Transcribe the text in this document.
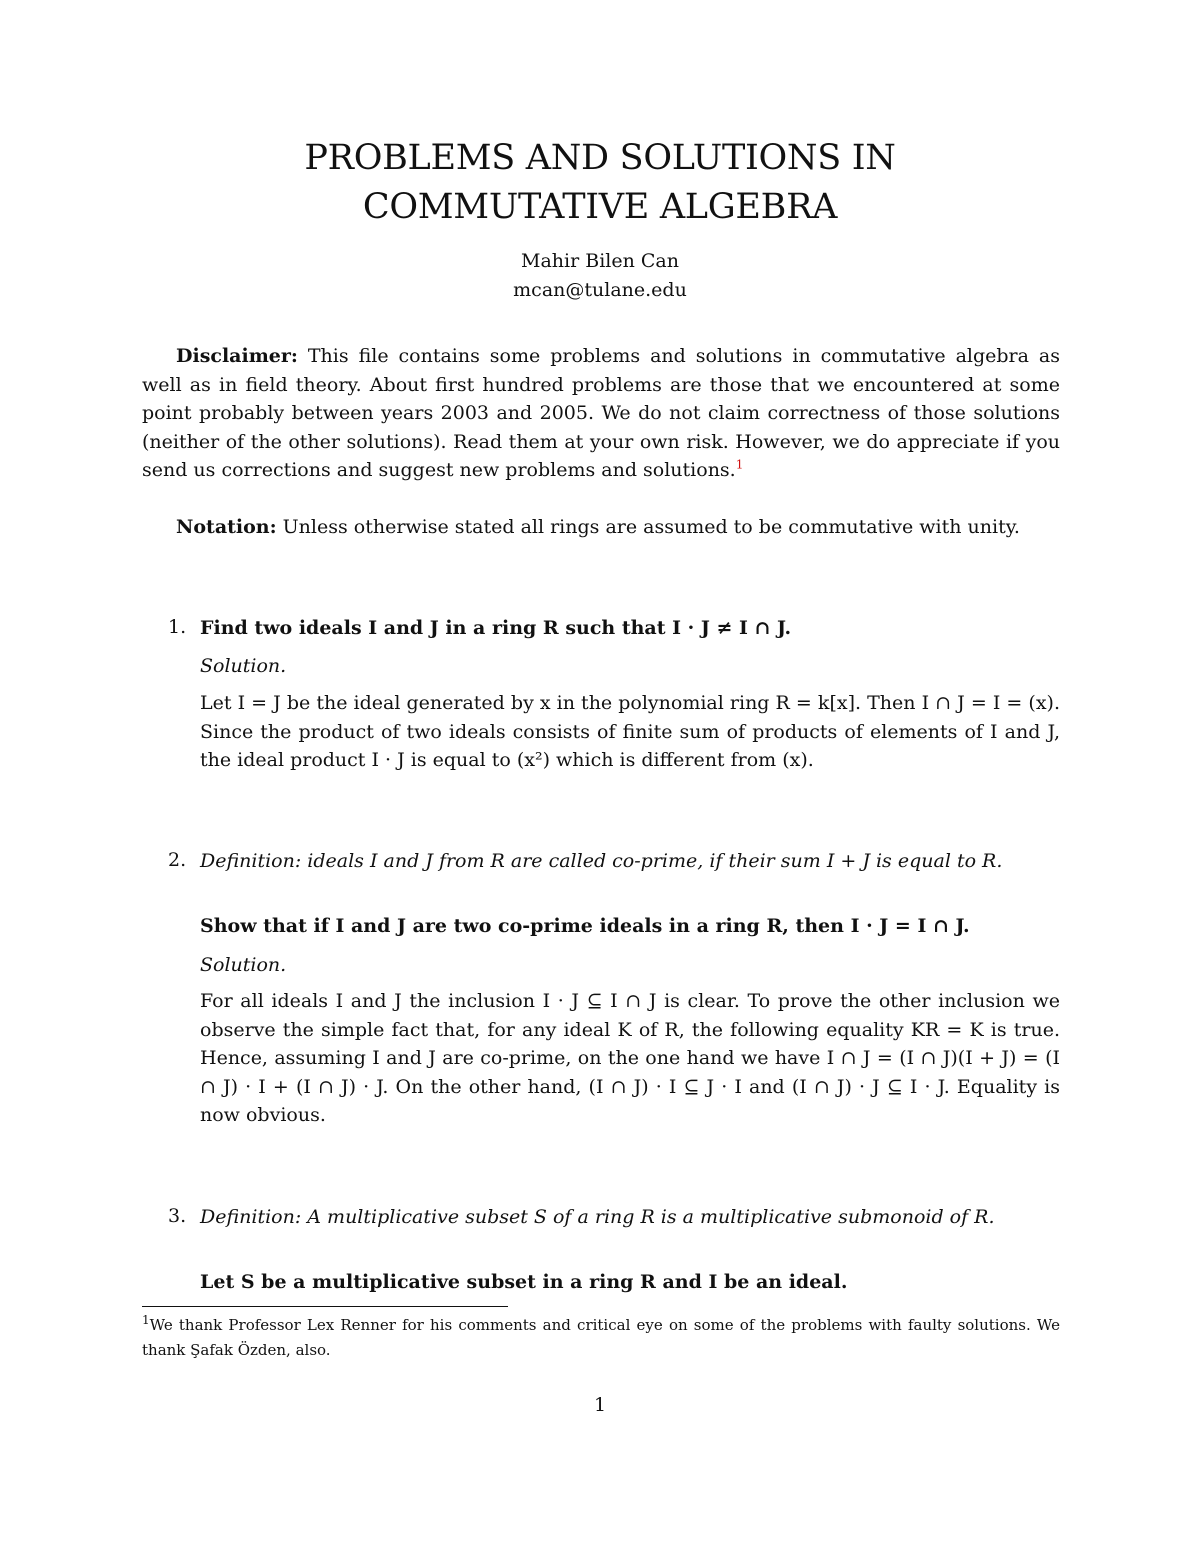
PROBLEMS AND SOLUTIONS IN
COMMUTATIVE ALGEBRA
Mahir Bilen Can
mcan@tulane.edu
Disclaimer: This file contains some problems and solutions in commutative algebra as well as in field theory. About first hundred problems are those that we encountered at some point probably between years 2003 and 2005. We do not claim correctness of those solutions (neither of the other solutions). Read them at your own risk. However, we do appreciate if you send us corrections and suggest new problems and solutions.$^1$
Notation: Unless otherwise stated all rings are assumed to be commutative with unity.
1. Find two ideals I and J in a ring R such that I · J ≠ I ∩ J.
Solution.
Let I = J be the ideal generated by x in the polynomial ring R = k[x]. Then I ∩ J = I = (x). Since the product of two ideals consists of finite sum of products of elements of I and J, the ideal product I · J is equal to (x²) which is different from (x).
2. Definition: ideals I and J from R are called co-prime, if their sum I + J is equal to R.
Show that if I and J are two co-prime ideals in a ring R, then I · J = I ∩ J.
Solution.
For all ideals I and J the inclusion I · J ⊆ I ∩ J is clear. To prove the other inclusion we observe the simple fact that, for any ideal K of R, the following equality KR = K is true. Hence, assuming I and J are co-prime, on the one hand we have I ∩ J = (I ∩ J)(I + J) = (I ∩ J) · I + (I ∩ J) · J. On the other hand, (I ∩ J) · I ⊆ J · I and (I ∩ J) · J ⊆ I · J. Equality is now obvious.
3. Definition: A multiplicative subset S of a ring R is a multiplicative submonoid of R.
Let S be a multiplicative subset in a ring R and I be an ideal.
$^1$We thank Professor Lex Renner for his comments and critical eye on some of the problems with faulty solutions. We thank Şafak Özden, also.
1
